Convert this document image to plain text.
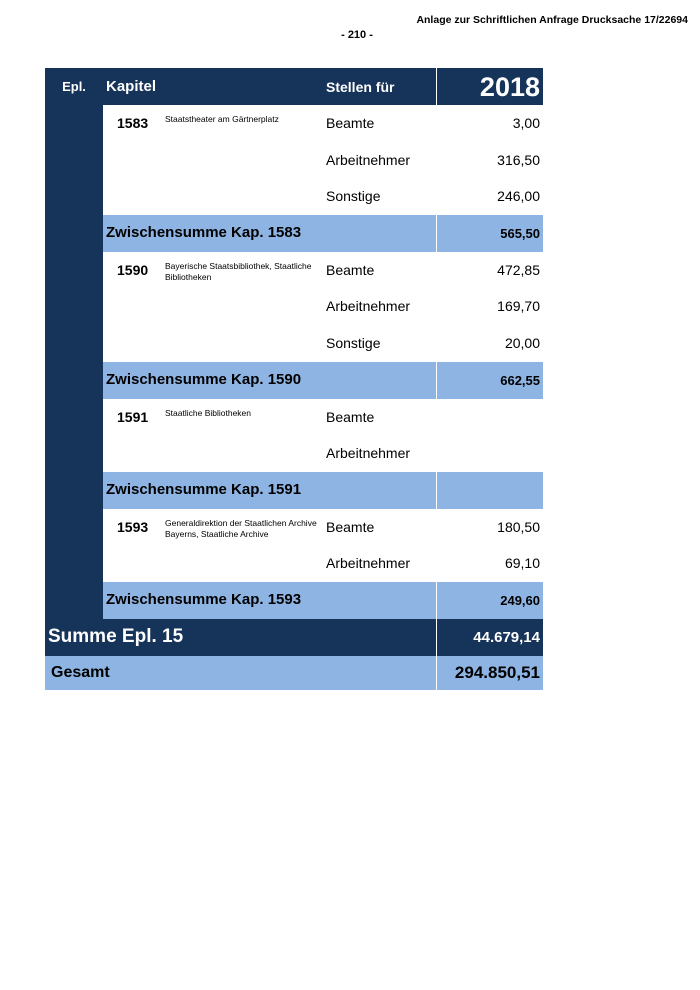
Anlage zur Schriftlichen Anfrage Drucksache 17/22694
- 210 -
Epl.	Kapitel	Stellen für	2018
1583 Staatstheater am Gärtnerplatz	Beamte	3,00
Arbeitnehmer	316,50
Sonstige	246,00
Zwischensumme Kap. 1583	565,50
1590 Bayerische Staatsbibliothek, Staatliche Bibliotheken	Beamte	472,85
Arbeitnehmer	169,70
Sonstige	20,00
Zwischensumme Kap. 1590	662,55
1591 Staatliche Bibliotheken	Beamte
Arbeitnehmer
Zwischensumme Kap. 1591
1593 Generaldirektion der Staatlichen Archive Bayerns, Staatliche Archive	Beamte	180,50
Arbeitnehmer	69,10
Zwischensumme Kap. 1593	249,60
Summe Epl. 15	44.679,14
Gesamt	294.850,51
